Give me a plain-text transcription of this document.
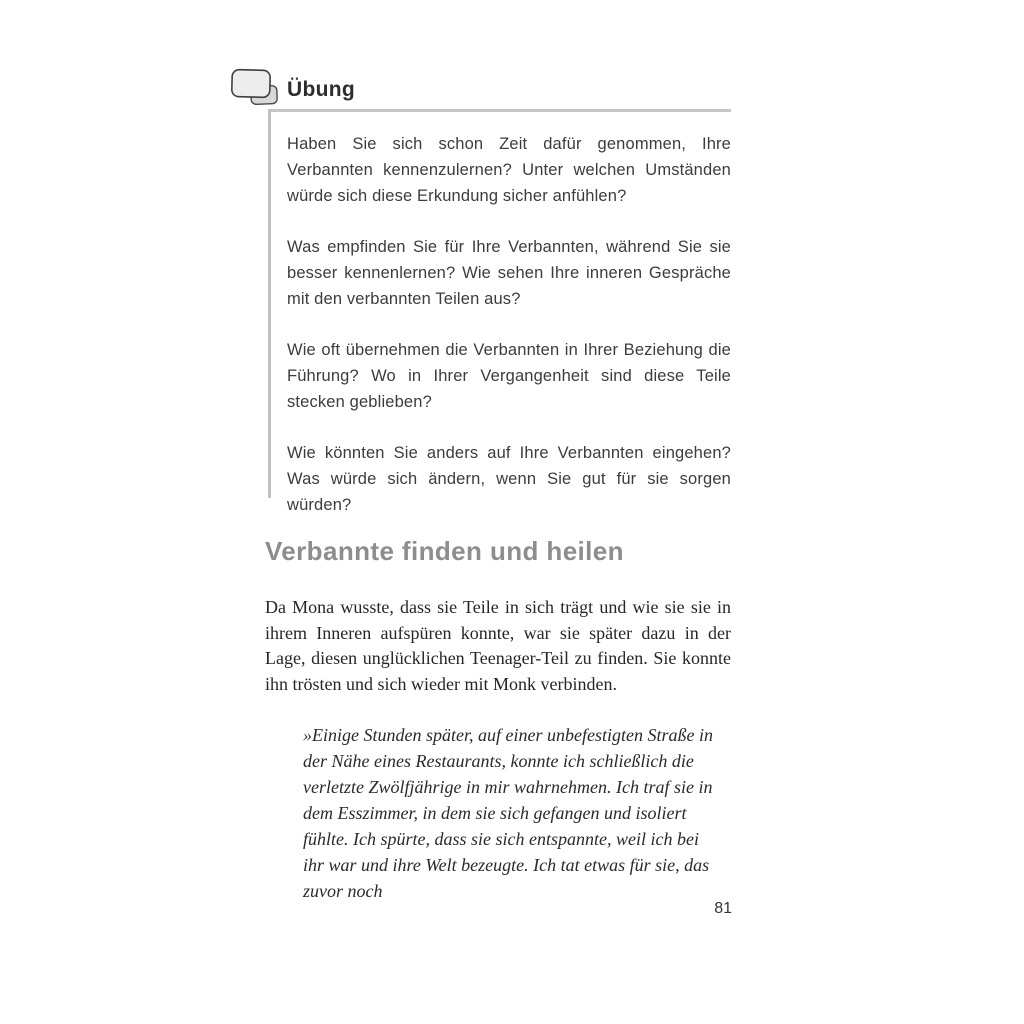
Übung

Haben Sie sich schon Zeit dafür genommen, Ihre Verbannten kennenzulernen? Unter welchen Umständen würde sich diese Erkundung sicher anfühlen?

Was empfinden Sie für Ihre Verbannten, während Sie sie besser kennenlernen? Wie sehen Ihre inneren Gespräche mit den verbannten Teilen aus?

Wie oft übernehmen die Verbannten in Ihrer Beziehung die Führung? Wo in Ihrer Vergangenheit sind diese Teile stecken geblieben?

Wie könnten Sie anders auf Ihre Verbannten eingehen? Was würde sich ändern, wenn Sie gut für sie sorgen würden?

Verbannte finden und heilen

Da Mona wusste, dass sie Teile in sich trägt und wie sie sie in ihrem Inneren aufspüren konnte, war sie später dazu in der Lage, diesen unglücklichen Teenager-Teil zu finden. Sie konnte ihn trösten und sich wieder mit Monk verbinden.

»Einige Stunden später, auf einer unbefestigten Straße in der Nähe eines Restaurants, konnte ich schließlich die verletzte Zwölfjährige in mir wahrnehmen. Ich traf sie in dem Esszimmer, in dem sie sich gefangen und isoliert fühlte. Ich spürte, dass sie sich entspannte, weil ich bei ihr war und ihre Welt bezeugte. Ich tat etwas für sie, das zuvor noch

81
